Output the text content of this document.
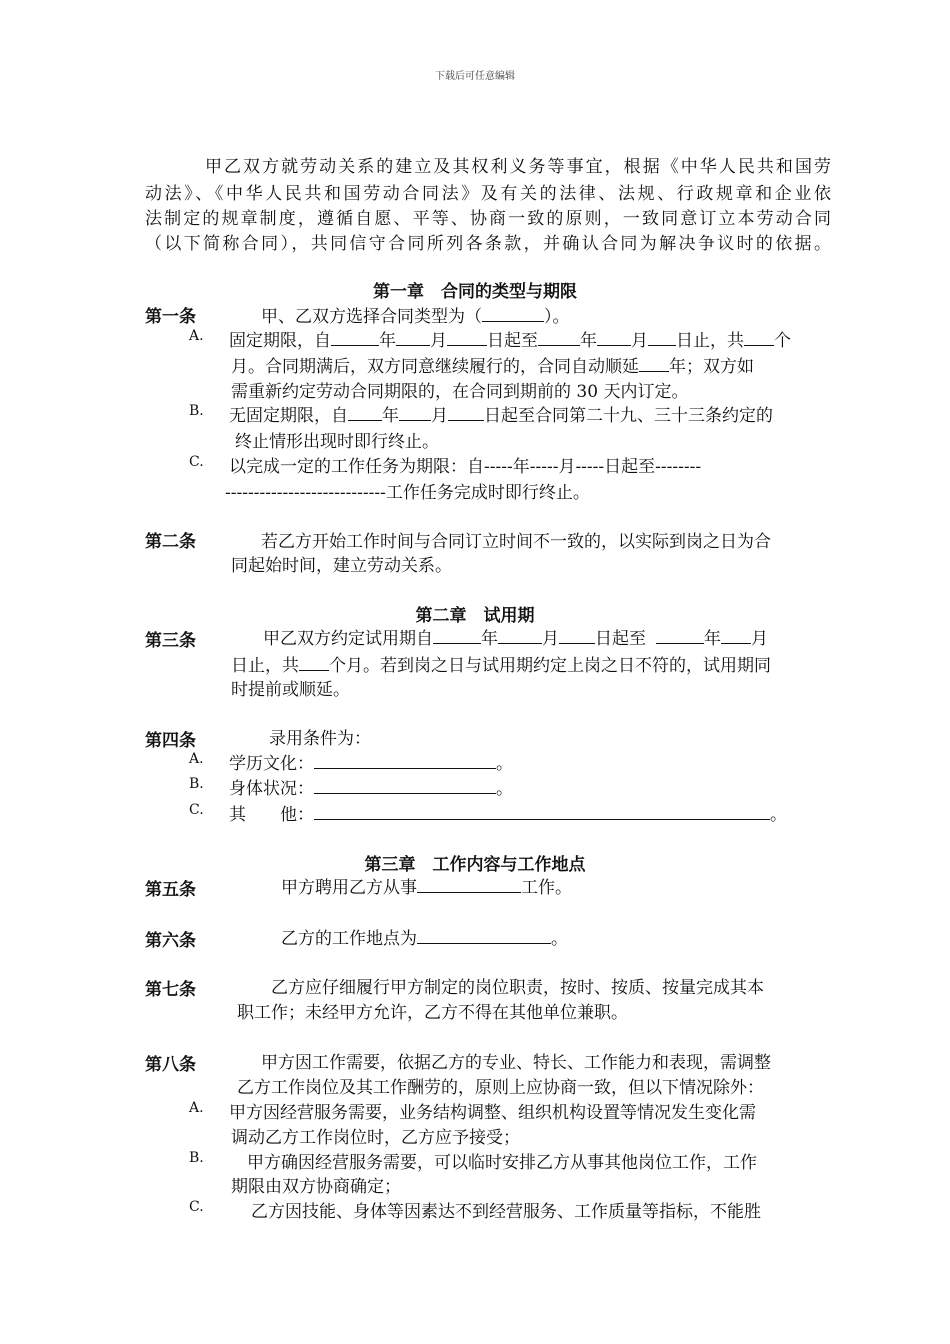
下载后可任意编辑
甲乙双方就劳动关系的建立及其权利义务等事宜，根据《中华人民共和国劳
动法》、《中华人民共和国劳动合同法》及有关的法律、法规、行政规章和企业依
法制定的规章制度，遵循自愿、平等、协商一致的原则，一致同意订立本劳动合同
（以下简称合同），共同信守合同所列各条款，并确认合同为解决争议时的依据。
第一章　合同的类型与期限
第一条	甲、乙双方选择合同类型为（	）。
A. 固定期限，自	年 月 日起至 年 月 日止，共 个
月。合同期满后，双方同意继续履行的，合同自动顺延 年；双方如
需重新约定劳动合同期限的，在合同到期前的 30 天内订定。
B. 无固定期限，自 年 月 日起至合同第二十九、三十三条约定的
终止情形出现时即行终止。
C. 以完成一定的工作任务为期限：自-----年-----月-----日起至--------
----------------------------工作任务完成时即行终止。
第二条	若乙方开始工作时间与合同订立时间不一致的，以实际到岗之日为合
同起始时间，建立劳动关系。
第二章　试用期
第三条	甲乙双方约定试用期自	年	月 日起至	年 月
日止，共 个月。若到岗之日与试用期约定上岗之日不符的，试用期同
时提前或顺延。
第四条	录用条件为：
A. 学历文化：	。
B. 身体状况：	。
C. 其　　他：	。
第三章　工作内容与工作地点
第五条	甲方聘用乙方从事	工作。
第六条	乙方的工作地点为	。
第七条	乙方应仔细履行甲方制定的岗位职责，按时、按质、按量完成其本
职工作；未经甲方允许，乙方不得在其他单位兼职。
第八条	甲方因工作需要，依据乙方的专业、特长、工作能力和表现，需调整
乙方工作岗位及其工作酬劳的，原则上应协商一致，但以下情况除外：
A. 甲方因经营服务需要，业务结构调整、组织机构设置等情况发生变化需
调动乙方工作岗位时，乙方应予接受；
B.	甲方确因经营服务需要，可以临时安排乙方从事其他岗位工作，工作
期限由双方协商确定；
C.	乙方因技能、身体等因素达不到经营服务、工作质量等指标，不能胜
